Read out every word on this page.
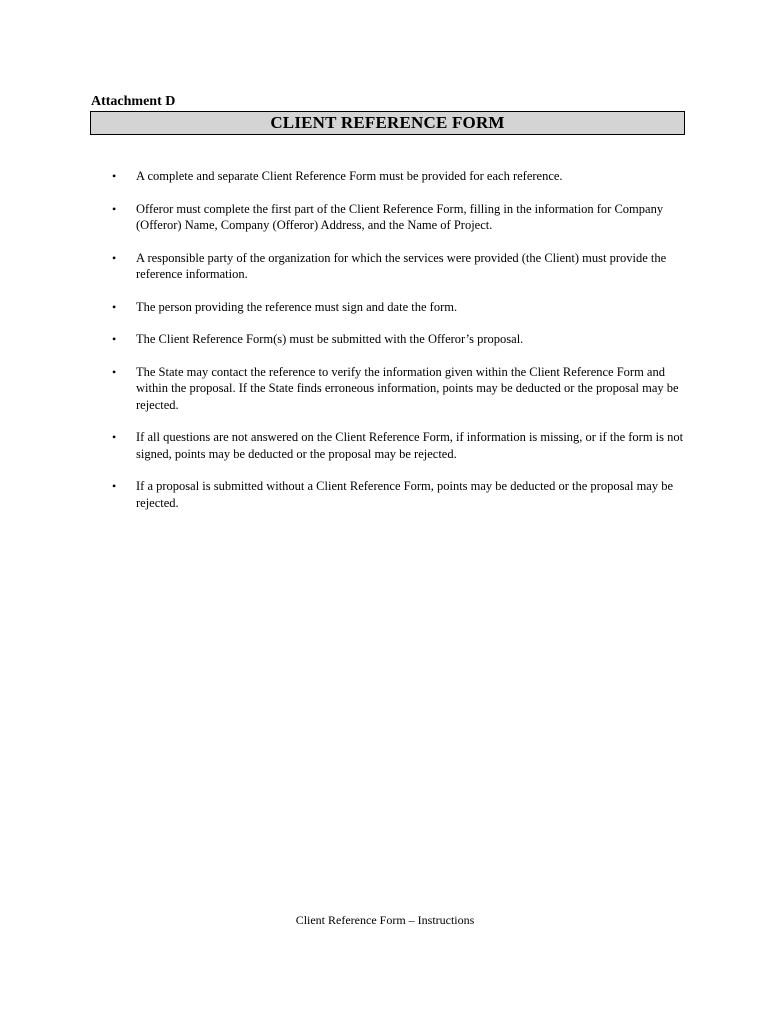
Attachment D
CLIENT REFERENCE FORM
• A complete and separate Client Reference Form must be provided for each reference.
• Offeror must complete the first part of the Client Reference Form, filling in the information for Company (Offeror) Name, Company (Offeror) Address, and the Name of Project.
• A responsible party of the organization for which the services were provided (the Client) must provide the reference information.
• The person providing the reference must sign and date the form.
• The Client Reference Form(s) must be submitted with the Offeror’s proposal.
• The State may contact the reference to verify the information given within the Client Reference Form and within the proposal. If the State finds erroneous information, points may be deducted or the proposal may be rejected.
• If all questions are not answered on the Client Reference Form, if information is missing, or if the form is not signed, points may be deducted or the proposal may be rejected.
• If a proposal is submitted without a Client Reference Form, points may be deducted or the proposal may be rejected.
Client Reference Form – Instructions
